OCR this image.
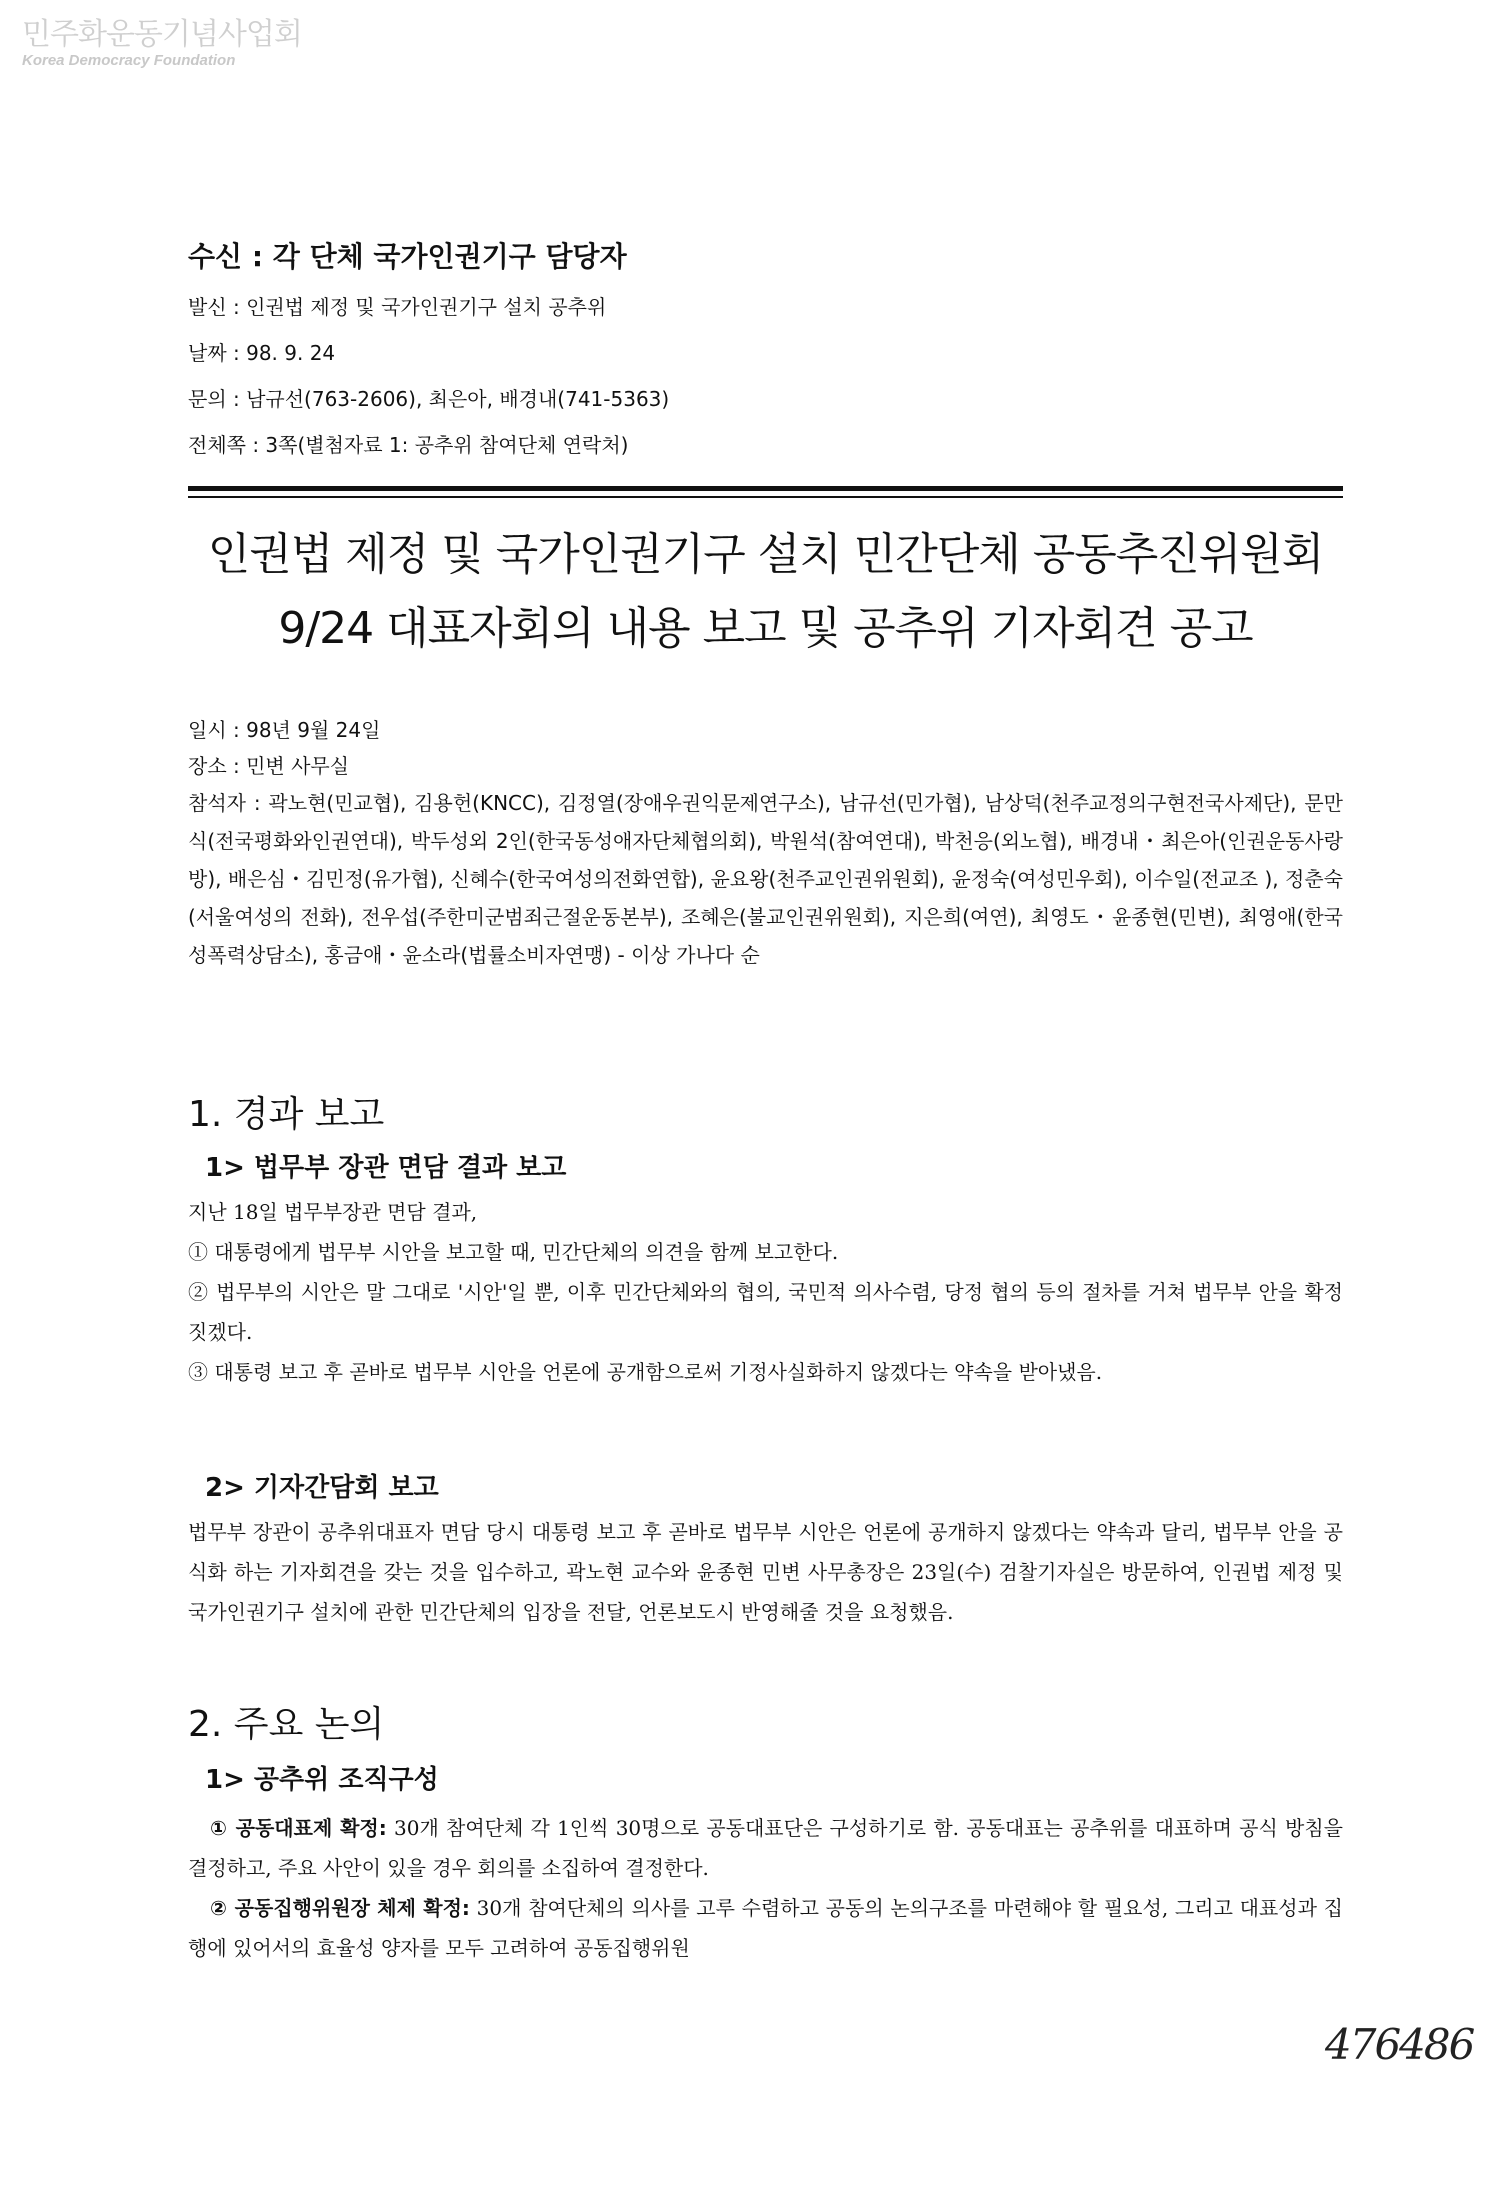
민주화운동기념사업회
Korea Democracy Foundation
수신 : 각 단체 국가인권기구 담당자
발신 : 인권법 제정 및 국가인권기구 설치 공추위
날짜 : 98. 9. 24
문의 : 남규선(763-2606), 최은아, 배경내(741-5363)
전체쪽 : 3쪽(별첨자료 1: 공추위 참여단체 연락처)
인권법 제정 및 국가인권기구 설치 민간단체 공동추진위원회
9/24 대표자회의 내용 보고 및 공추위 기자회견 공고
일시 : 98년 9월 24일
장소 : 민변 사무실
참석자 : 곽노현(민교협), 김용헌(KNCC), 김정열(장애우권익문제연구소), 남규선(민가협), 남상덕(천주교정의구현전국사제단), 문만식(전국평화와인권연대), 박두성외 2인(한국동성애자단체협의회), 박원석(참여연대), 박천응(외노협), 배경내・최은아(인권운동사랑방), 배은심・김민정(유가협), 신혜수(한국여성의전화연합), 윤요왕(천주교인권위원회), 윤정숙(여성민우회), 이수일(전교조 ), 정춘숙(서울여성의 전화), 전우섭(주한미군범죄근절운동본부), 조혜은(불교인권위원회), 지은희(여연), 최영도・윤종현(민변), 최영애(한국성폭력상담소), 홍금애・윤소라(법률소비자연맹) - 이상 가나다 순
1. 경과 보고
1> 법무부 장관 면담 결과 보고

지난 18일 법무부장관 면담 결과,

① 대통령에게 법무부 시안을 보고할 때, 민간단체의 의견을 함께 보고한다.

② 법무부의 시안은 말 그대로 '시안'일 뿐, 이후 민간단체와의 협의, 국민적 의사수렴, 당정 협의 등의 절차를 거쳐 법무부 안을 확정짓겠다.

③ 대통령 보고 후 곧바로 법무부 시안을 언론에 공개함으로써 기정사실화하지 않겠다는 약속을 받아냈음.

2> 기자간담회 보고
법무부 장관이 공추위대표자 면담 당시 대통령 보고 후 곧바로 법무부 시안은 언론에 공개하지 않겠다는 약속과 달리, 법무부 안을 공식화 하는 기자회견을 갖는 것을 입수하고, 곽노현 교수와 윤종현 민변 사무총장은 23일(수) 검찰기자실은 방문하여, 인권법 제정 및 국가인권기구 설치에 관한 민간단체의 입장을 전달, 언론보도시 반영해줄 것을 요청했음.
2. 주요 논의
1> 공추위 조직구성

① 공동대표제 확정: 30개 참여단체 각 1인씩 30명으로 공동대표단은 구성하기로 함. 공동대표는 공추위를 대표하며 공식 방침을 결정하고, 주요 사안이 있을 경우 회의를 소집하여 결정한다.

② 공동집행위원장 체제 확정: 30개 참여단체의 의사를 고루 수렴하고 공동의 논의구조를 마련해야 할 필요성, 그리고 대표성과 집행에 있어서의 효율성 양자를 모두 고려하여 공동집행위원

476486
